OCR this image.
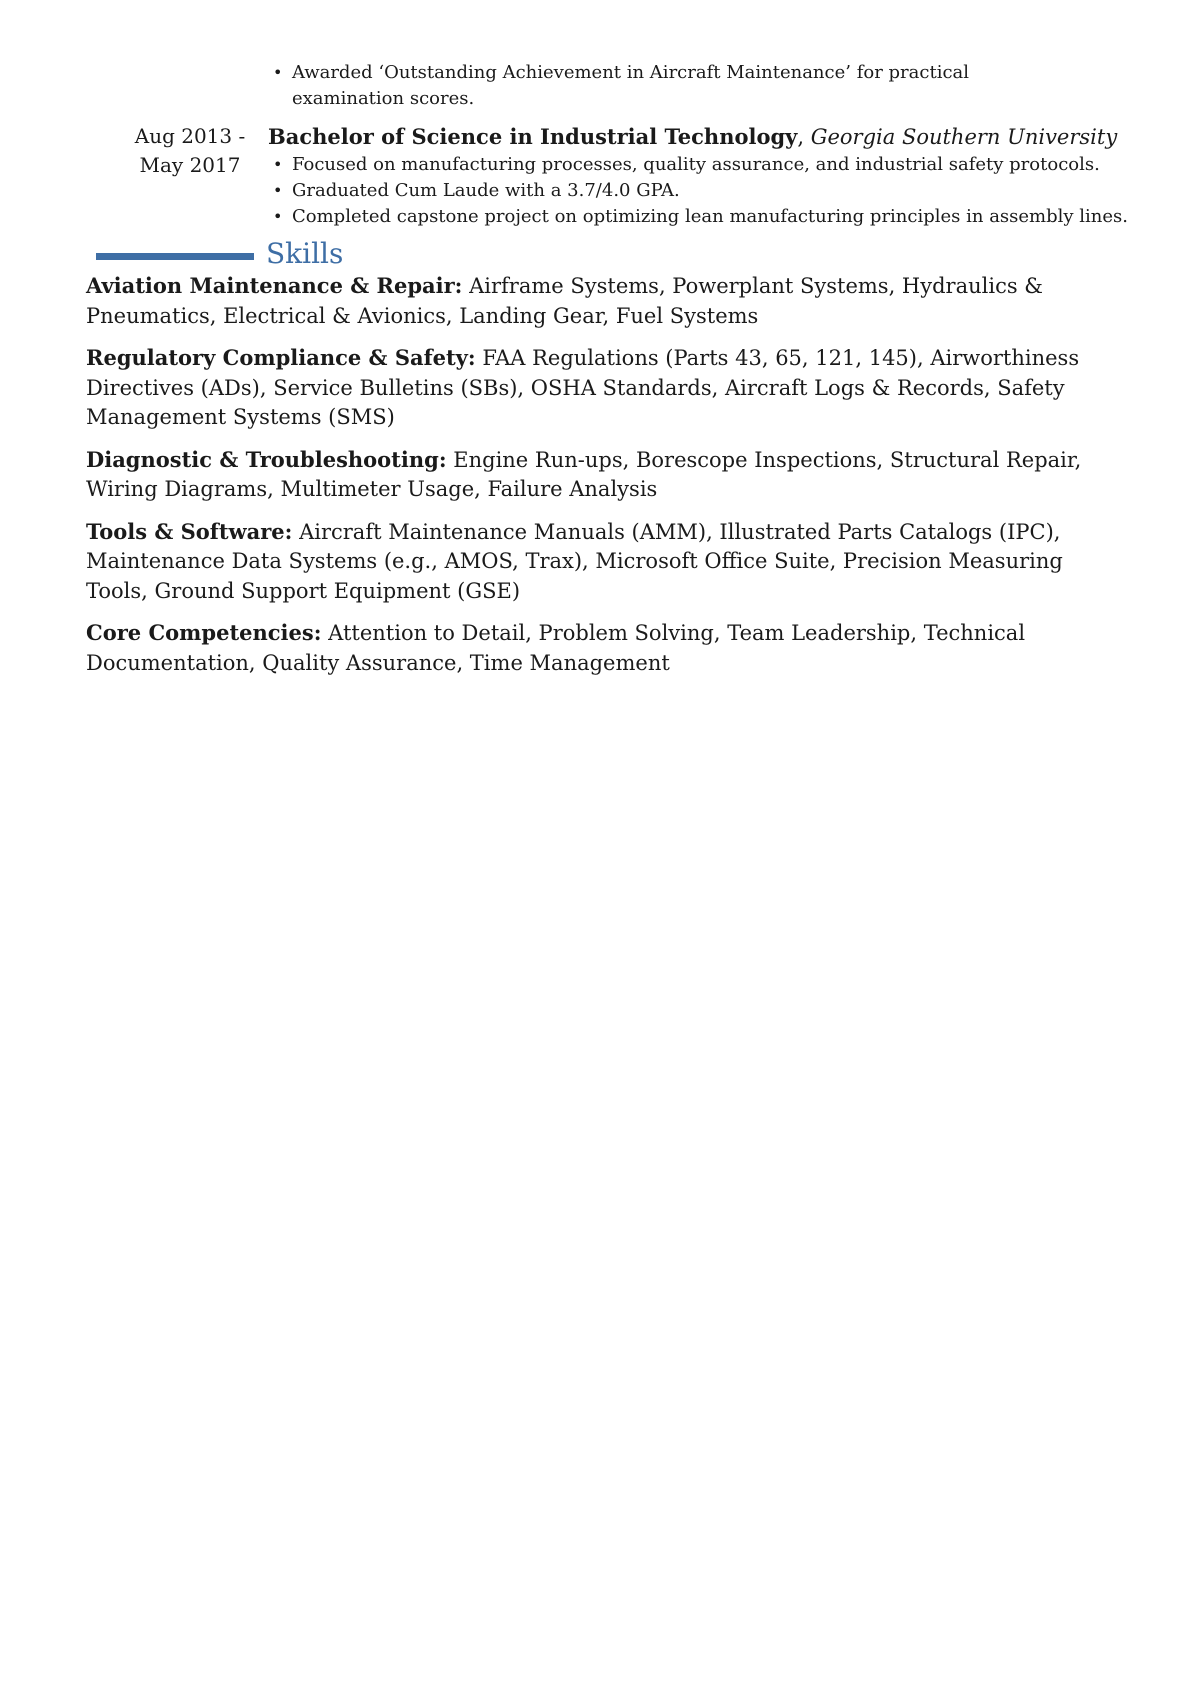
• Awarded ‘Outstanding Achievement in Aircraft Maintenance’ for practical examination scores.
Aug 2013 -
May 2017
Bachelor of Science in Industrial Technology, Georgia Southern University
• Focused on manufacturing processes, quality assurance, and industrial safety protocols.
• Graduated Cum Laude with a 3.7/4.0 GPA.
• Completed capstone project on optimizing lean manufacturing principles in assembly lines.
Skills

Aviation Maintenance & Repair: Airframe Systems, Powerplant Systems, Hydraulics & Pneumatics, Electrical & Avionics, Landing Gear, Fuel Systems

Regulatory Compliance & Safety: FAA Regulations (Parts 43, 65, 121, 145), Airworthiness Directives (ADs), Service Bulletins (SBs), OSHA Standards, Aircraft Logs & Records, Safety Management Systems (SMS)

Diagnostic & Troubleshooting: Engine Run-ups, Borescope Inspections, Structural Repair, Wiring Diagrams, Multimeter Usage, Failure Analysis

Tools & Software: Aircraft Maintenance Manuals (AMM), Illustrated Parts Catalogs (IPC), Maintenance Data Systems (e.g., AMOS, Trax), Microsoft Office Suite, Precision Measuring Tools, Ground Support Equipment (GSE)

Core Competencies: Attention to Detail, Problem Solving, Team Leadership, Technical Documentation, Quality Assurance, Time Management
